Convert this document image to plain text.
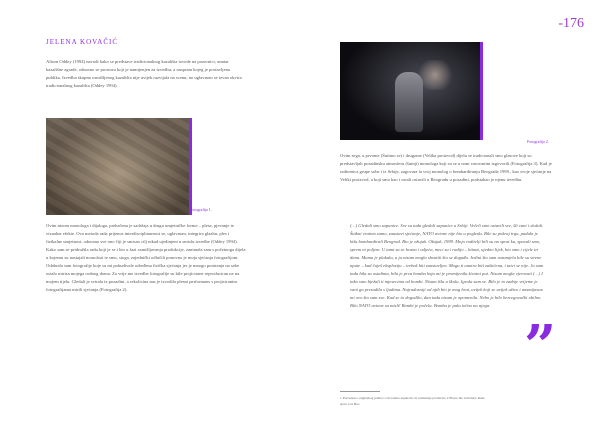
-176
JELENA KOVAČIĆ

Alison Oddey (1994) navodi kako se predstave tradicionalnog kazališta izvode na pozornici, unutar kazališne zgrade, odnosno se prostoru koji je namijenjen za izvedbu, a naspram kojeg je postavljena publika. Izvedba skupno osmišljenog kazališta nije uvijek razvijala na scenu, no uglavnom se izvan okvira tradicionalnog kazališta (Oddey 1994).

Fotografija 1.

Ovim nizom monologa i dijaloga, prebačena je sadržaja u drugu umjetničke forme – plesa, pjevanje te vizualne efekte. Ova metoda rada prijenos interdisciplinarnost se, uglavnom, integrira glazbu, ples i fizikalne umjetnost, odnosno sve ono čiji je smisao cilj nikad ujedinjeni u smislu izvedbe (Oddey 1994). Kako sam se pridružila radu koji je se i bio u fazi osmišljavanja produkcije, zanimala sam s početnoga dijela u kojemu su nastajali monolozi te smo, stoga, zajednički odlučili ponovno je moja sjećanja fotografijom. Odabrala sam fotografije koje su mi pobudivale određena fizička sjećanja jer je mnogo poniranja na sebe ostalo mirisa mojega rodnog doma. Za vrije me izvedbe fotografije su bile projicirane reproduciran ne na mojem tijelu. Gledali je svirala iz pozadini, a rekolicina nas je izvodila plesni performans s projiciranim fotografijama mirili sjećanja (Fotografija 2).

Fotografija 2.

Ovim sega, u prvome (Šutimo se) i drugome (Velika proizvod) dijelu se tradicionali smo glasove koji su predstavljali pozadinsku atmosferu (šutnji) monologa koji su se u nom varovanim izgovorili (Fotografija 3). Kad je radiomica grupe sobe i iz Srbije, zagovara la svoj monolog o bombardiranju Beograda 1999., kao svoje sjećanje na Veliki proizvod, a koji smo kao i ostali ostavili u Beogradu u pozadini, podstakao je njenu izvedbu.

(…) Gledali smo sapunice. Sve su tada gledali sapunice u Srbiji. Večeli smo ostavili sve, šli vani i slušali. Šutkni vratom samo, zaustavi sjećanje, NATO avione nije bio u pogledu. Bile su pokraj trgu, padala je kiša bombardirali Beograd. Bio je ožujak. Ožujak, 1999. Mojo roditelji bili su na sprat ku, spavali smo, sprem ni poljem. U tami su se hrana i odjeća, meci su i radijo – hitnat, ujedno lijek, bio smo i cijele tri dana. Mama je plakala, a ja nisam mogla shvatiti što se događa. Jedini što sam razumjela bile su sirene upute – kad čuješ eksploziju – trebaš biti zaustavljen. Mogu ti unutra biti zaštićena, i tatci se nije. Ja sam tada bila sa ostalima, bila je prva bomba koja mi je promijenila životni put. Nisam mogla vjerovati (…) I tako smo bježali ti mjesecima od bombi. Nisam išla u školu. Igrala sam se. Bilo je to zadnje vrijeme je vani ga presudila s ljudima. Najradosniji od njih bio je mog brat, uvijek koji se uvijek uživo i nasmijavao mi ovo što sam sve. Kad se to dogodilo, dan tada nisam je opomenila. Nebo je bilo hercegovački obilno. Bilo NATO avione sa misli! Bombi je počela. Bomba je pala točno na njega.

”
1 Preveden o engleskog jezika i s hrvatsko-srpskom. Iz sarmanije predstave 2 Bruce die začetnice Rade sjeće u iz Beo
